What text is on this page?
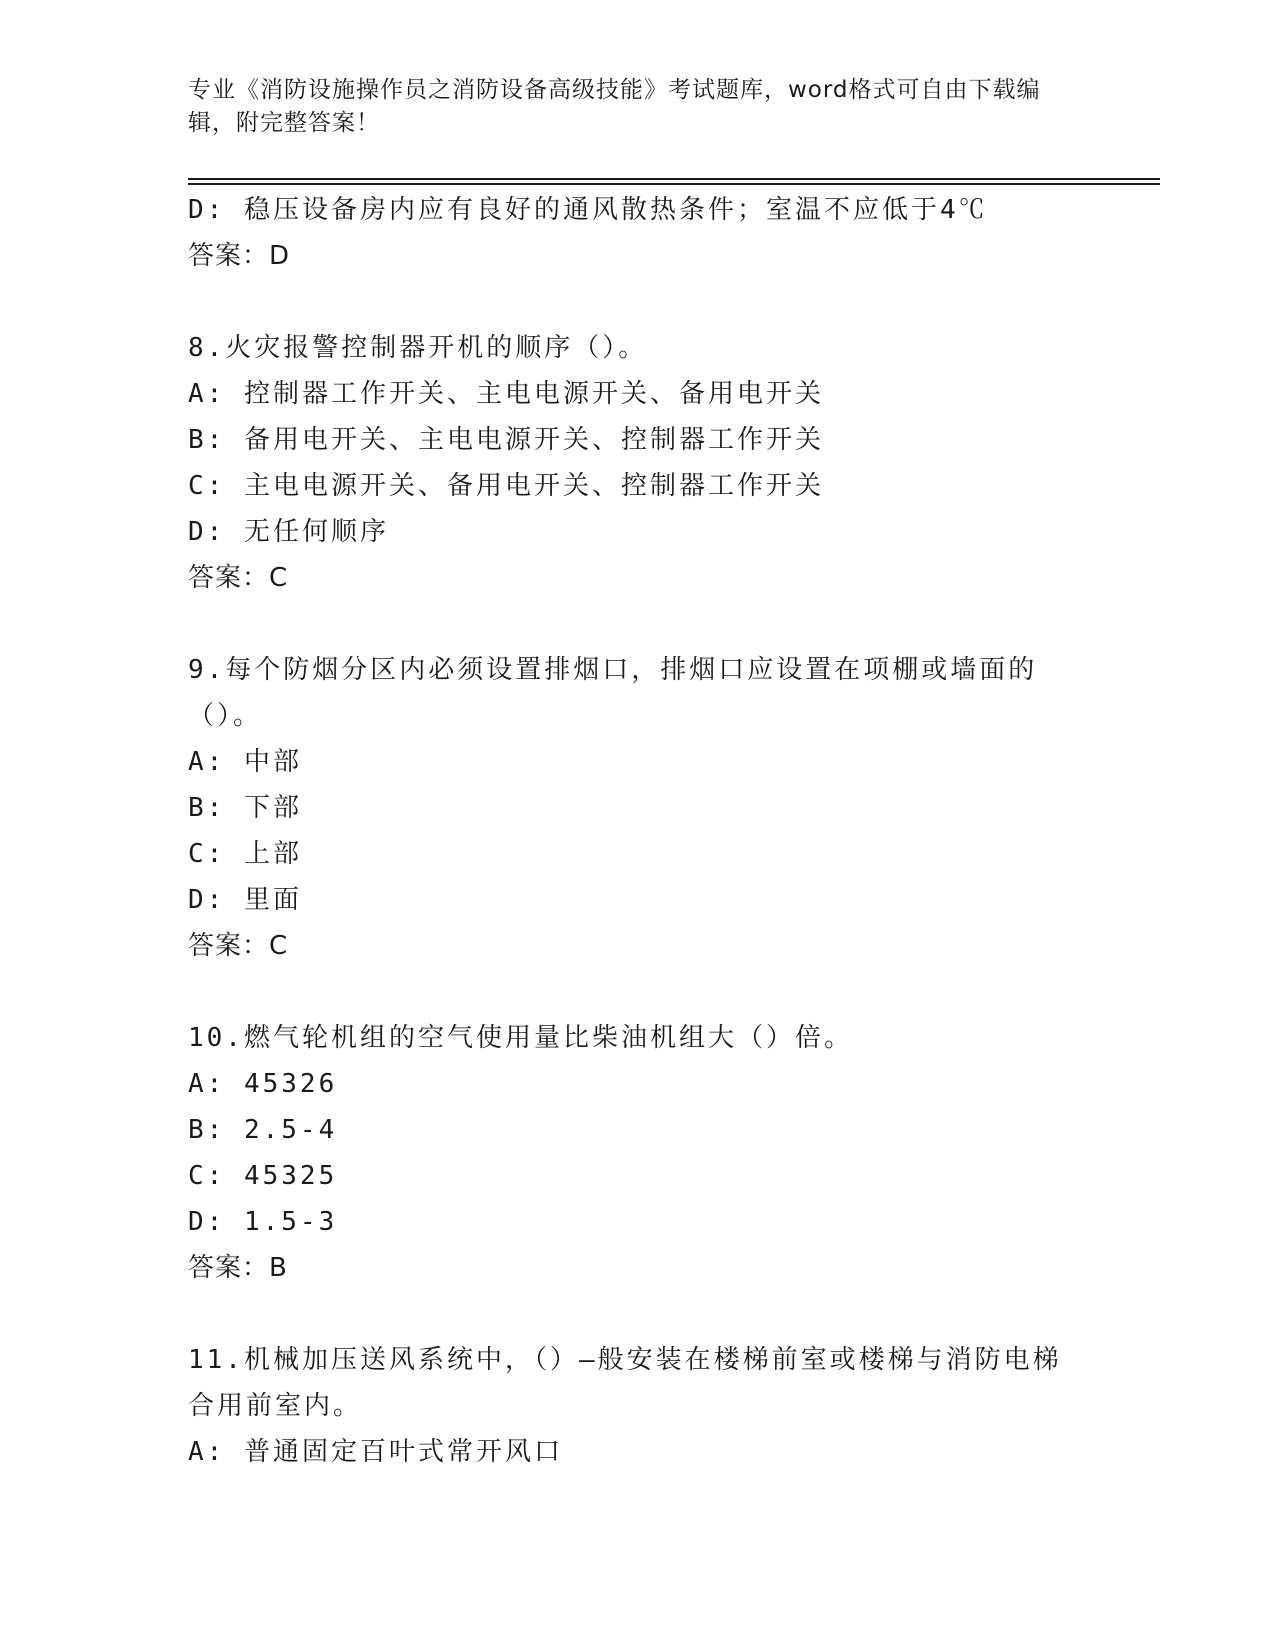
专业《消防设施操作员之消防设备高级技能》考试题库，word格式可自由下载编辑，附完整答案！
D: 稳压设备房内应有良好的通风散热条件；室温不应低于4℃
答案：D
8.火灾报警控制器开机的顺序（）。
A: 控制器工作开关、主电电源开关、备用电开关
B: 备用电开关、主电电源开关、控制器工作开关
C: 主电电源开关、备用电开关、控制器工作开关
D: 无任何顺序
答案：C
9.每个防烟分区内必须设置排烟口，排烟口应设置在项棚或墙面的（）。
A: 中部
B: 下部
C: 上部
D: 里面
答案：C
10.燃气轮机组的空气使用量比柴油机组大（）倍。
A: 45326
B: 2.5-4
C: 45325
D: 1.5-3
答案：B
11.机械加压送风系统中，（）—般安装在楼梯前室或楼梯与消防电梯合用前室内。
A: 普通固定百叶式常开风口
